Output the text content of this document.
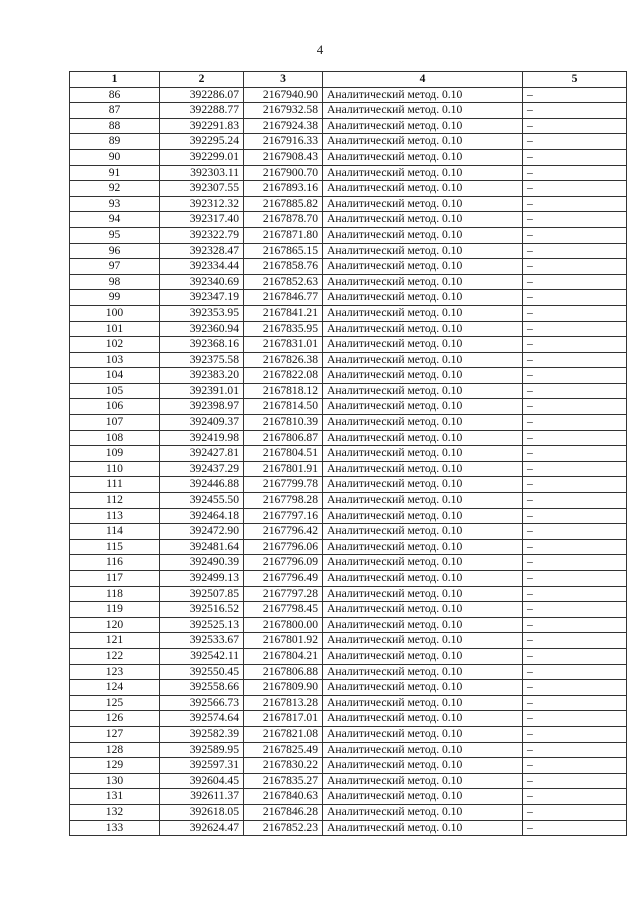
4
1	2	3	4	5
86	392286.07	2167940.90	Аналитический метод. 0.10	–
87	392288.77	2167932.58	Аналитический метод. 0.10	–
88	392291.83	2167924.38	Аналитический метод. 0.10	–
89	392295.24	2167916.33	Аналитический метод. 0.10	–
90	392299.01	2167908.43	Аналитический метод. 0.10	–
91	392303.11	2167900.70	Аналитический метод. 0.10	–
92	392307.55	2167893.16	Аналитический метод. 0.10	–
93	392312.32	2167885.82	Аналитический метод. 0.10	–
94	392317.40	2167878.70	Аналитический метод. 0.10	–
95	392322.79	2167871.80	Аналитический метод. 0.10	–
96	392328.47	2167865.15	Аналитический метод. 0.10	–
97	392334.44	2167858.76	Аналитический метод. 0.10	–
98	392340.69	2167852.63	Аналитический метод. 0.10	–
99	392347.19	2167846.77	Аналитический метод. 0.10	–
100	392353.95	2167841.21	Аналитический метод. 0.10	–
101	392360.94	2167835.95	Аналитический метод. 0.10	–
102	392368.16	2167831.01	Аналитический метод. 0.10	–
103	392375.58	2167826.38	Аналитический метод. 0.10	–
104	392383.20	2167822.08	Аналитический метод. 0.10	–
105	392391.01	2167818.12	Аналитический метод. 0.10	–
106	392398.97	2167814.50	Аналитический метод. 0.10	–
107	392409.37	2167810.39	Аналитический метод. 0.10	–
108	392419.98	2167806.87	Аналитический метод. 0.10	–
109	392427.81	2167804.51	Аналитический метод. 0.10	–
110	392437.29	2167801.91	Аналитический метод. 0.10	–
111	392446.88	2167799.78	Аналитический метод. 0.10	–
112	392455.50	2167798.28	Аналитический метод. 0.10	–
113	392464.18	2167797.16	Аналитический метод. 0.10	–
114	392472.90	2167796.42	Аналитический метод. 0.10	–
115	392481.64	2167796.06	Аналитический метод. 0.10	–
116	392490.39	2167796.09	Аналитический метод. 0.10	–
117	392499.13	2167796.49	Аналитический метод. 0.10	–
118	392507.85	2167797.28	Аналитический метод. 0.10	–
119	392516.52	2167798.45	Аналитический метод. 0.10	–
120	392525.13	2167800.00	Аналитический метод. 0.10	–
121	392533.67	2167801.92	Аналитический метод. 0.10	–
122	392542.11	2167804.21	Аналитический метод. 0.10	–
123	392550.45	2167806.88	Аналитический метод. 0.10	–
124	392558.66	2167809.90	Аналитический метод. 0.10	–
125	392566.73	2167813.28	Аналитический метод. 0.10	–
126	392574.64	2167817.01	Аналитический метод. 0.10	–
127	392582.39	2167821.08	Аналитический метод. 0.10	–
128	392589.95	2167825.49	Аналитический метод. 0.10	–
129	392597.31	2167830.22	Аналитический метод. 0.10	–
130	392604.45	2167835.27	Аналитический метод. 0.10	–
131	392611.37	2167840.63	Аналитический метод. 0.10	–
132	392618.05	2167846.28	Аналитический метод. 0.10	–
133	392624.47	2167852.23	Аналитический метод. 0.10	–
